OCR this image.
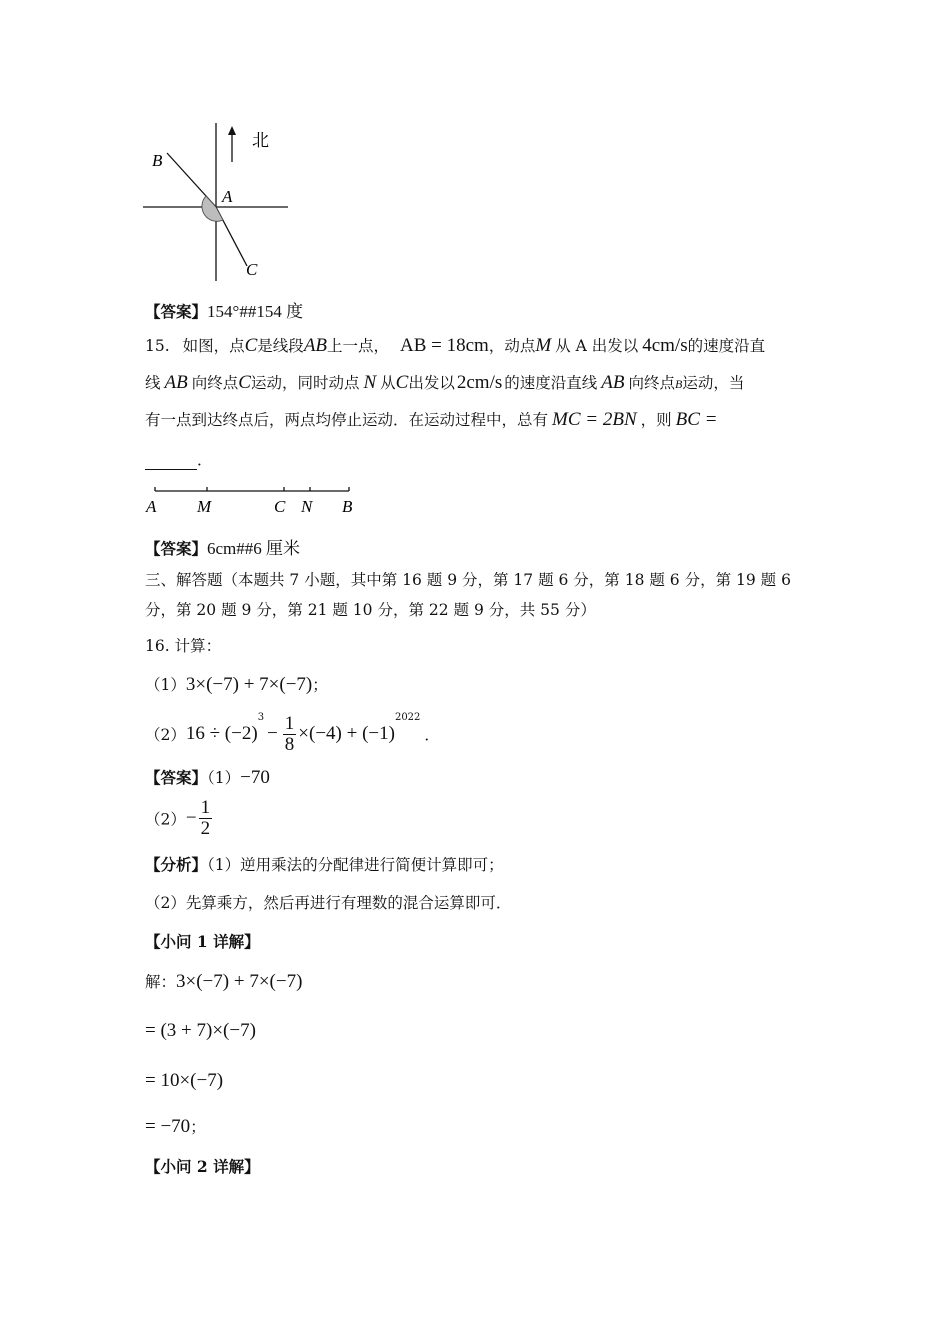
北
B
A
C
【答案】154°##154 度
15. 如图，点C是线段AB上一点， AB = 18cm，动点M 从 A 出发以 4cm/s的速度沿直
线 AB 向终点C运动，同时动点 N 从C出发以 2cm/s 的速度沿直线 AB 向终点B运动，当
有一点到达终点后，两点均停止运动．在运动过程中，总有 MC = 2BN ，则 BC =
．
A M	C N B
【答案】6cm##6 厘米
三、解答题（本题共 7 小题，其中第 16 题 9 分，第 17 题 6 分，第 18 题 6 分，第 19 题 6
分，第 20 题 9 分，第 21 题 10 分，第 22 题 9 分，共 55 分）
16. 计算：
（1）3×(−7) + 7×(−7)；
$(2)16 \div (-2)^3- \frac{1}{8} \times(-4) + (-1)^{2022}$．
【答案】（1）−70
$(2)- \frac{1}{2}$
【分析】（1）逆用乘法的分配律进行简便计算即可；
（2）先算乘方，然后再进行有理数的混合运算即可．
【小问 1 详解】
解：3×(−7) + 7×(−7)
= (3 + 7)×(−7)
= 10×(−7)
= −70；
【小问 2 详解】
